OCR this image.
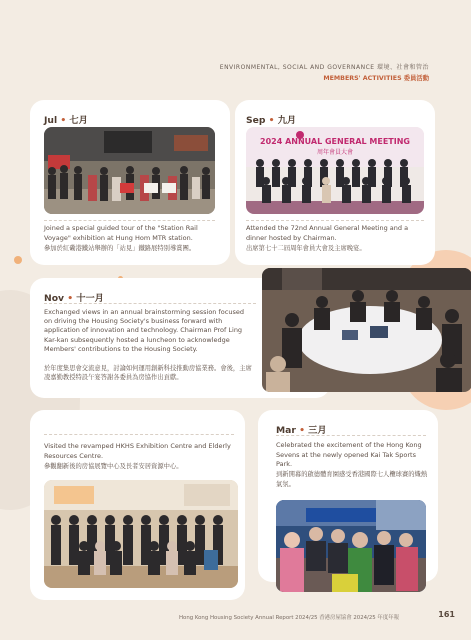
ENVIRONMENTAL, SOCIAL AND GOVERNANCE 環境、社會和管治
MEMBERS' ACTIVITIES 委員活動
Jul • 七月
Joined a special guided tour of the "Station Rail Voyage" exhibition at Hung Hom MTR station.
參加於紅磡港鐵站舉辦的「站見」鐵路展特別導賞團。
Sep • 九月
2024 ANNUAL GENERAL MEETING
周年會員大會
Attended the 72nd Annual General Meeting and a dinner hosted by Chairman.
出席第七十二屆周年會員大會及主席晚宴。
Nov • 十一月
Exchanged views in an annual brainstorming session focused on driving the Housing Society's business forward with application of innovation and technology. Chairman Prof Ling Kar-kan subsequently hosted a luncheon to acknowledge Members' contributions to the Housing Society.
於年度集思會交流意見，討論如何運用創新科技推動房協業務。會後，主席凌嘉勤教授特設午宴答謝各委員為房協作出貢獻。
Visited the revamped HKHS Exhibition Centre and Elderly Resources Centre.
參觀翻新後的房協展覽中心及長者安居資源中心。
Mar • 三月
Celebrated the excitement of the Hong Kong Sevens at the newly opened Kai Tak Sports Park.
到新開幕的啟德體育園感受香港國際七人欖球賽的熾熱氣氛。
Hong Kong Housing Society Annual Report 2024/25 香港房屋協會 2024/25 年度年報	161
